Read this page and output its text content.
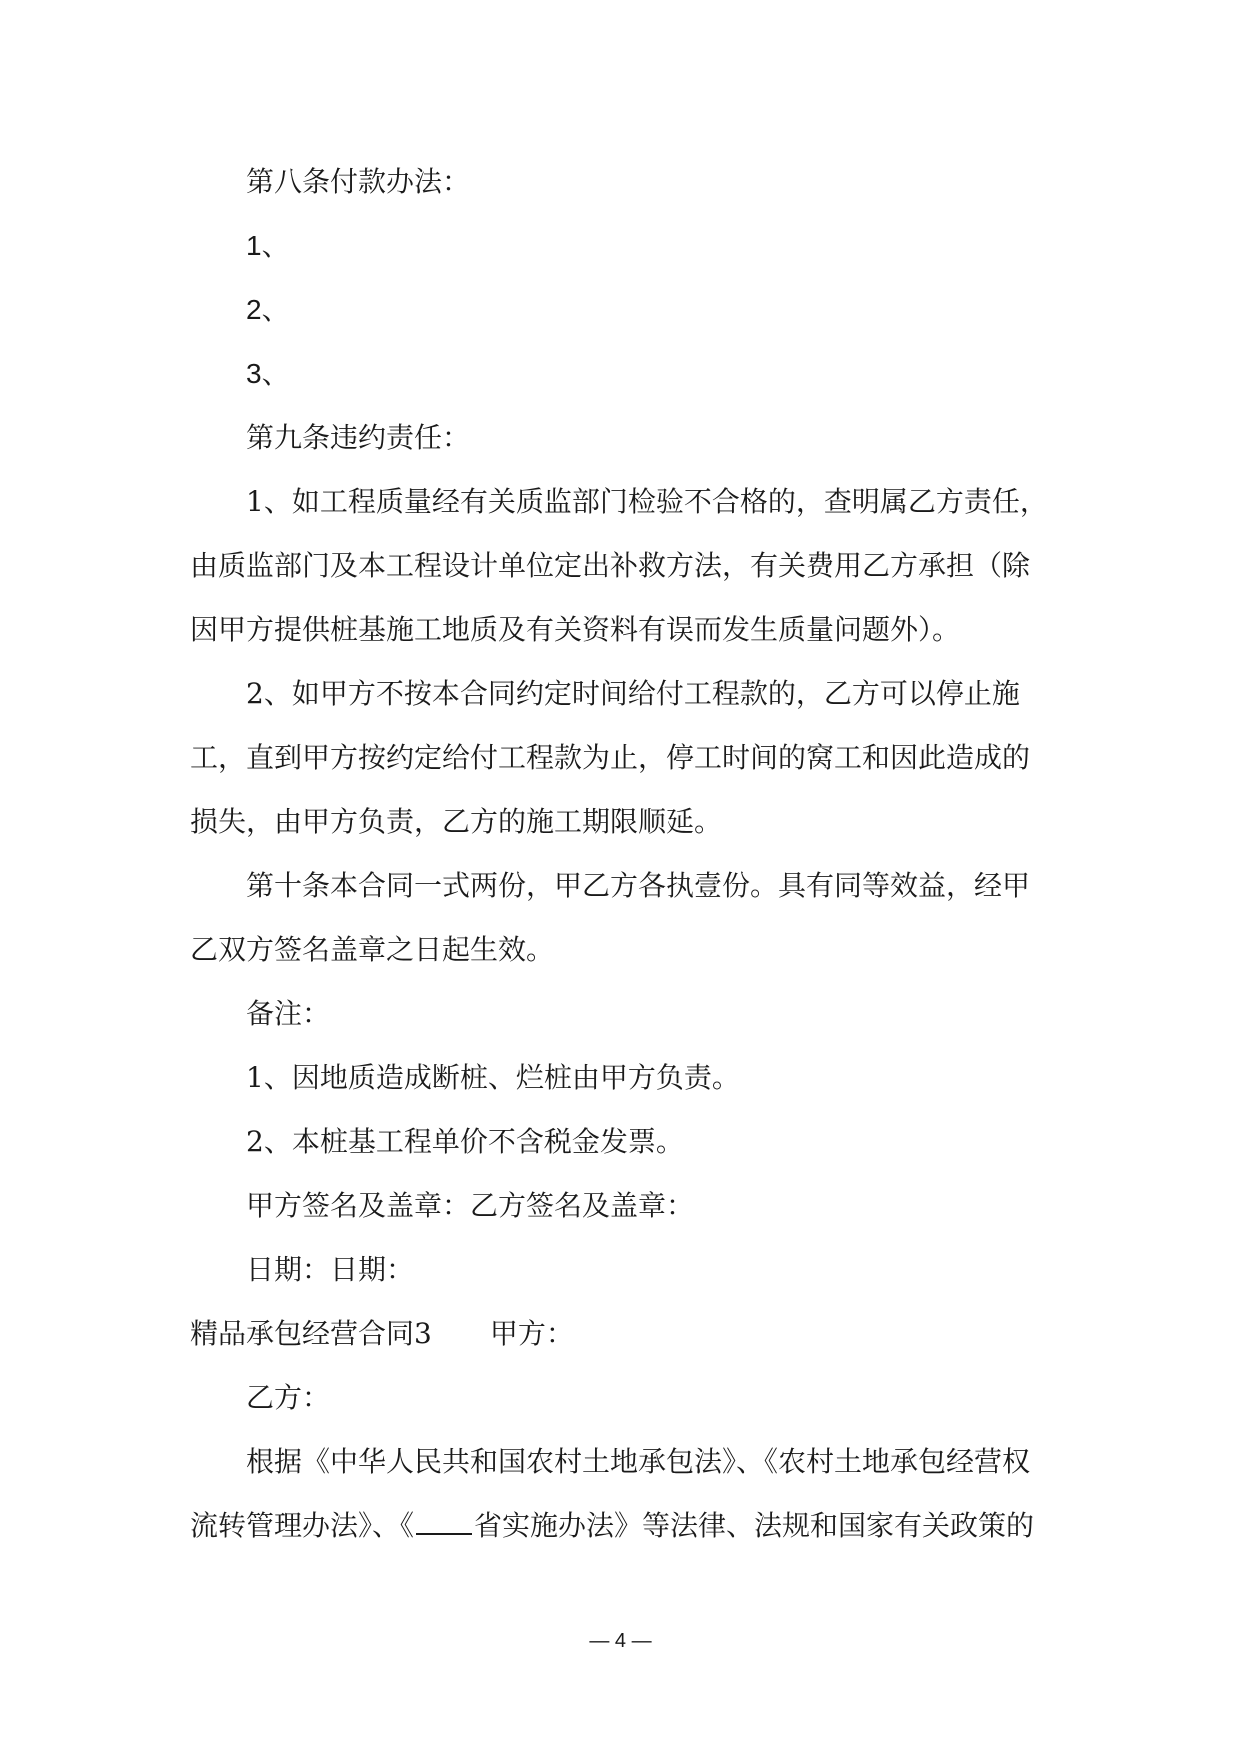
第八条付款办法：

1、

2、

3、

第九条违约责任：

1、如工程质量经有关质监部门检验不合格的，查明属乙方责任，

由质监部门及本工程设计单位定出补救方法，有关费用乙方承担（除

因甲方提供桩基施工地质及有关资料有误而发生质量问题外）。

2、如甲方不按本合同约定时间给付工程款的，乙方可以停止施

工，直到甲方按约定给付工程款为止，停工时间的窝工和因此造成的

损失，由甲方负责，乙方的施工期限顺延。

第十条本合同一式两份，甲乙方各执壹份。具有同等效益，经甲

乙双方签名盖章之日起生效。

备注：

1、因地质造成断桩、烂桩由甲方负责。

2、本桩基工程单价不含税金发票。

甲方签名及盖章：乙方签名及盖章：

日期：日期：

精品承包经营合同3 甲方：

乙方：

根据《中华人民共和国农村土地承包法》、《农村土地承包经营权

流转管理办法》、《 省实施办法》等法律、法规和国家有关政策的

— 4 —
